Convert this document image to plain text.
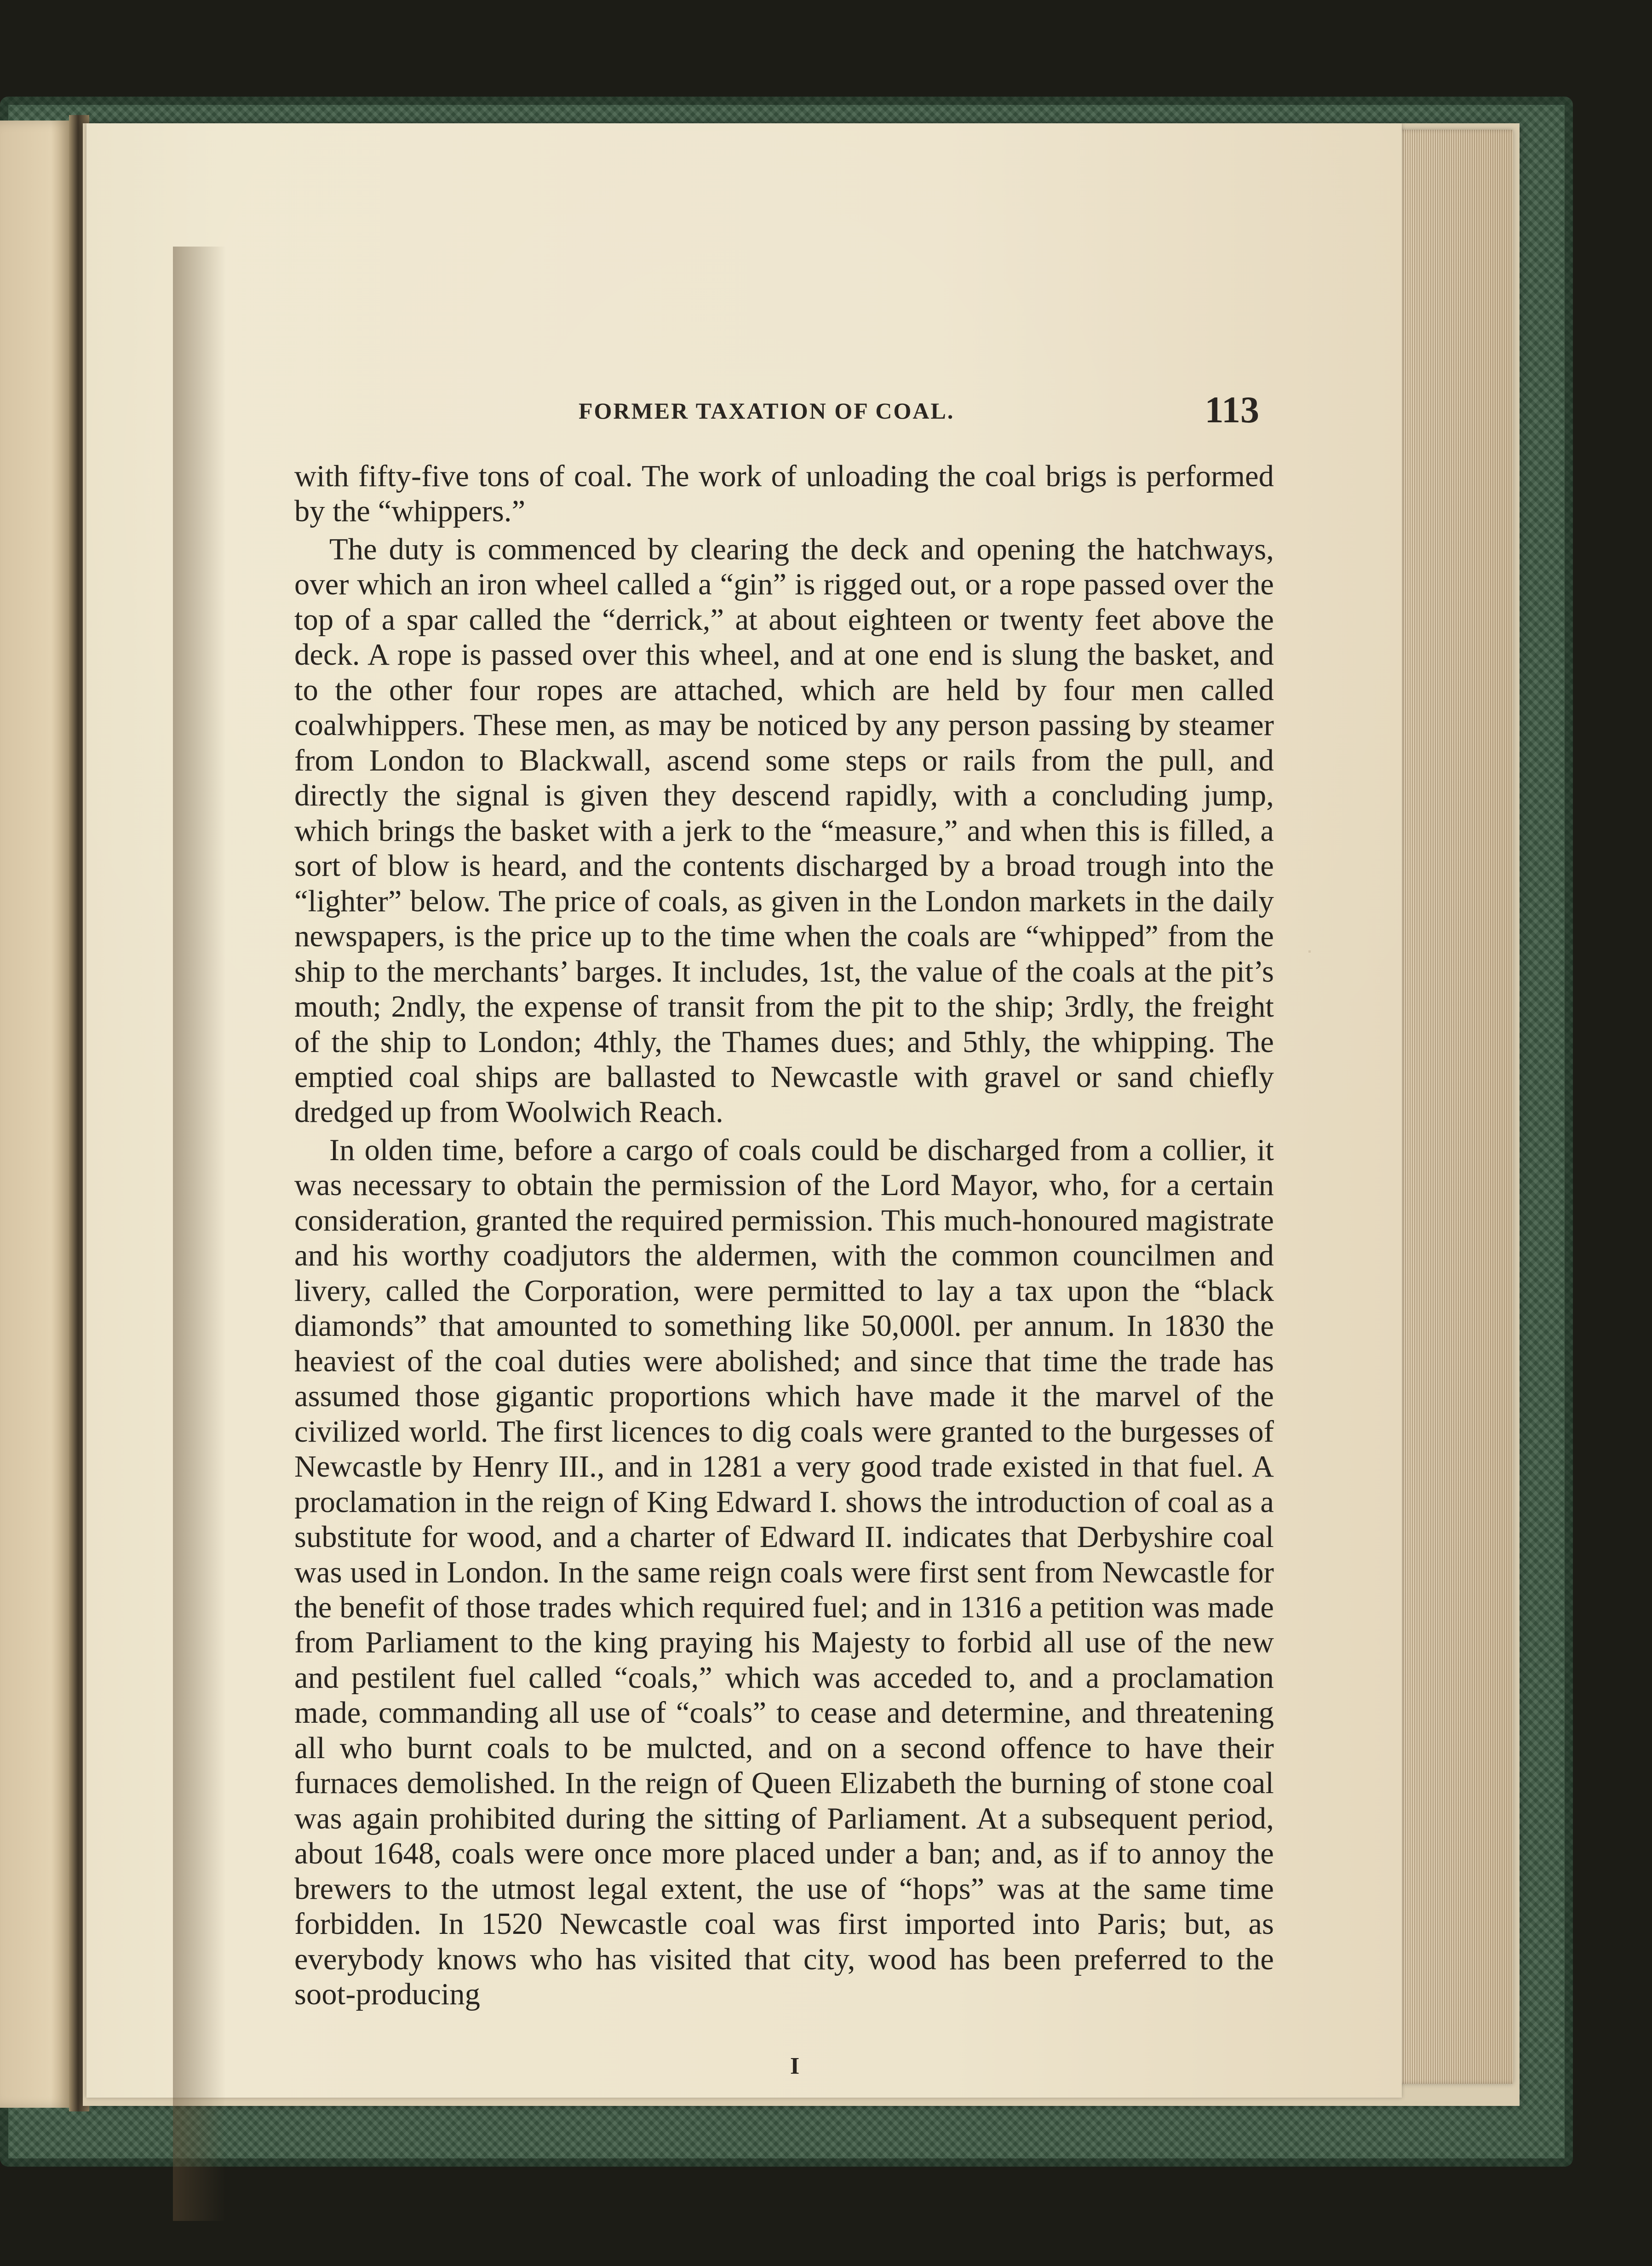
FORMER TAXATION OF COAL.	113

with fifty-five tons of coal. The work of unloading the coal brigs is performed by the “whippers.”

The duty is commenced by clearing the deck and opening the hatchways, over which an iron wheel called a “gin” is rigged out, or a rope passed over the top of a spar called the “derrick,” at about eighteen or twenty feet above the deck. A rope is passed over this wheel, and at one end is slung the basket, and to the other four ropes are attached, which are held by four men called coalwhippers. These men, as may be noticed by any person passing by steamer from London to Blackwall, ascend some steps or rails from the pull, and directly the signal is given they descend rapidly, with a concluding jump, which brings the basket with a jerk to the “measure,” and when this is filled, a sort of blow is heard, and the contents discharged by a broad trough into the “lighter” below. The price of coals, as given in the London markets in the daily newspapers, is the price up to the time when the coals are “whipped” from the ship to the merchants’ barges. It includes, 1st, the value of the coals at the pit’s mouth; 2ndly, the expense of transit from the pit to the ship; 3rdly, the freight of the ship to London; 4thly, the Thames dues; and 5thly, the whipping. The emptied coal ships are ballasted to Newcastle with gravel or sand chiefly dredged up from Woolwich Reach.

In olden time, before a cargo of coals could be discharged from a collier, it was necessary to obtain the permission of the Lord Mayor, who, for a certain consideration, granted the required permission. This much-honoured magistrate and his worthy coadjutors the aldermen, with the common councilmen and livery, called the Corporation, were permitted to lay a tax upon the “black diamonds” that amounted to something like 50,000l. per annum. In 1830 the heaviest of the coal duties were abolished; and since that time the trade has assumed those gigantic proportions which have made it the marvel of the civilized world. The first licences to dig coals were granted to the burgesses of Newcastle by Henry III., and in 1281 a very good trade existed in that fuel. A proclamation in the reign of King Edward I. shows the introduction of coal as a substitute for wood, and a charter of Edward II. indicates that Derbyshire coal was used in London. In the same reign coals were first sent from Newcastle for the benefit of those trades which required fuel; and in 1316 a petition was made from Parliament to the king praying his Majesty to forbid all use of the new and pestilent fuel called “coals,” which was acceded to, and a proclamation made, commanding all use of “coals” to cease and determine, and threatening all who burnt coals to be mulcted, and on a second offence to have their furnaces demolished. In the reign of Queen Elizabeth the burning of stone coal was again prohibited during the sitting of Parliament. At a subsequent period, about 1648, coals were once more placed under a ban; and, as if to annoy the brewers to the utmost legal extent, the use of “hops” was at the same time forbidden. In 1520 Newcastle coal was first imported into Paris; but, as everybody knows who has visited that city, wood has been preferred to the soot-producing

I
